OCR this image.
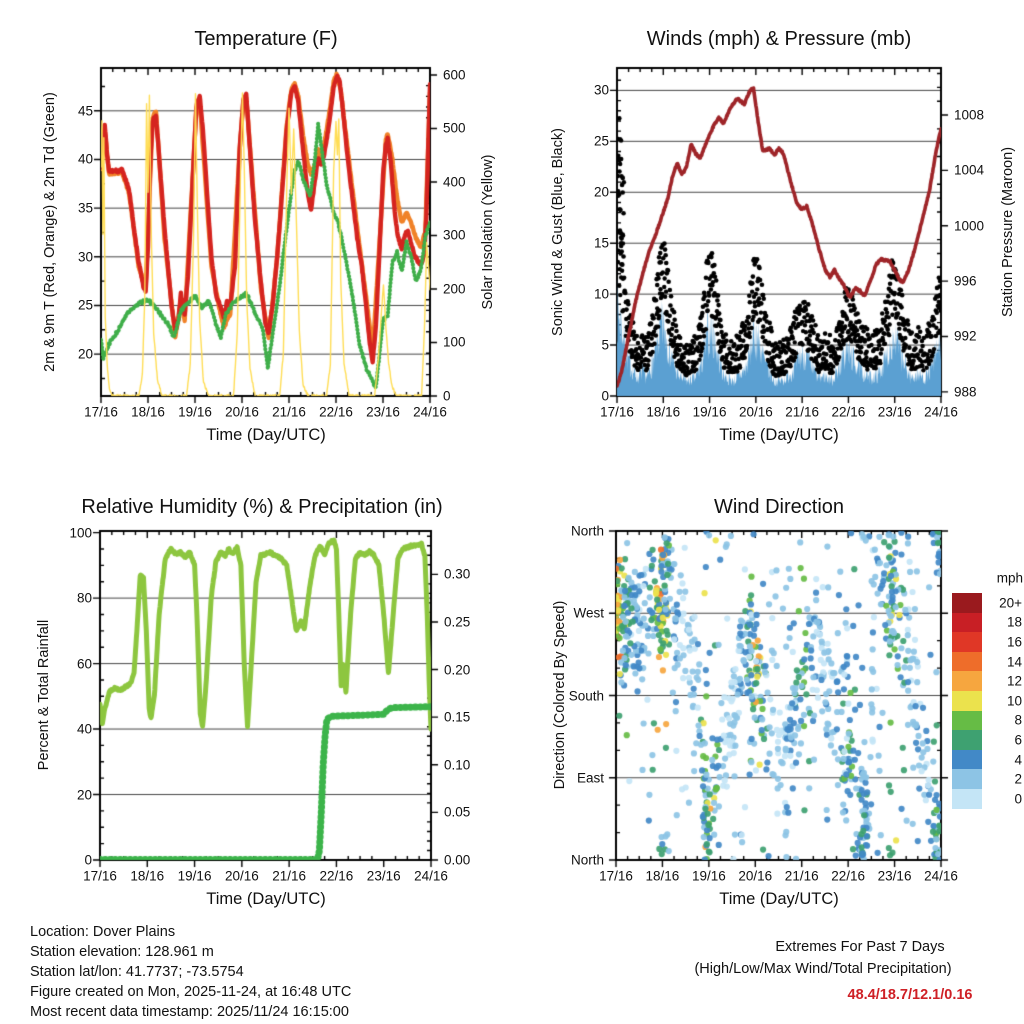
Temperature (F)	Winds (mph) & Pressure (mb)
Relative Humidity (%) & Precipitation (in)	Wind Direction
2m & 9m T (Red, Orange) & 2m Td (Green)	Solar Insolation (Yellow)	Sonic Wind & Gust (Blue, Black)	Station Pressure (Maroon)
Percent & Total Rainfall	Direction (Colored By Speed)
Time (Day/UTC)	Time (Day/UTC)
Time (Day/UTC)	Time (Day/UTC)
mph
20
25
30
35
40
45
0
100
200
300
400
500
600
17/16 18/16 19/16 20/16 21/16 22/16 23/16 24/16
0
5
10
15
20
25
30
988
992
996
1000
1004
1008
17/16 18/16 19/16 20/16 21/16 22/16 23/16 24/16
0
20
40
60
80
100
0.00
0.05
0.10
0.15
0.20
0.25
0.30
17/16 18/16 19/16 20/16 21/16 22/16 23/16 24/16
North
West
South
East
North
17/16 18/16 19/16 20/16 21/16 22/16 23/16 24/16
20+
18
16
14
12
10
8
6
4
2
0
Location: Dover Plains
Station elevation: 128.961 m
Station lat/lon: 41.7737; -73.5754
Figure created on Mon, 2025-11-24, at 16:48 UTC
Most recent data timestamp: 2025/11/24 16:15:00
Extremes For Past 7 Days
(High/Low/Max Wind/Total Precipitation)
48.4/18.7/12.1/0.16
